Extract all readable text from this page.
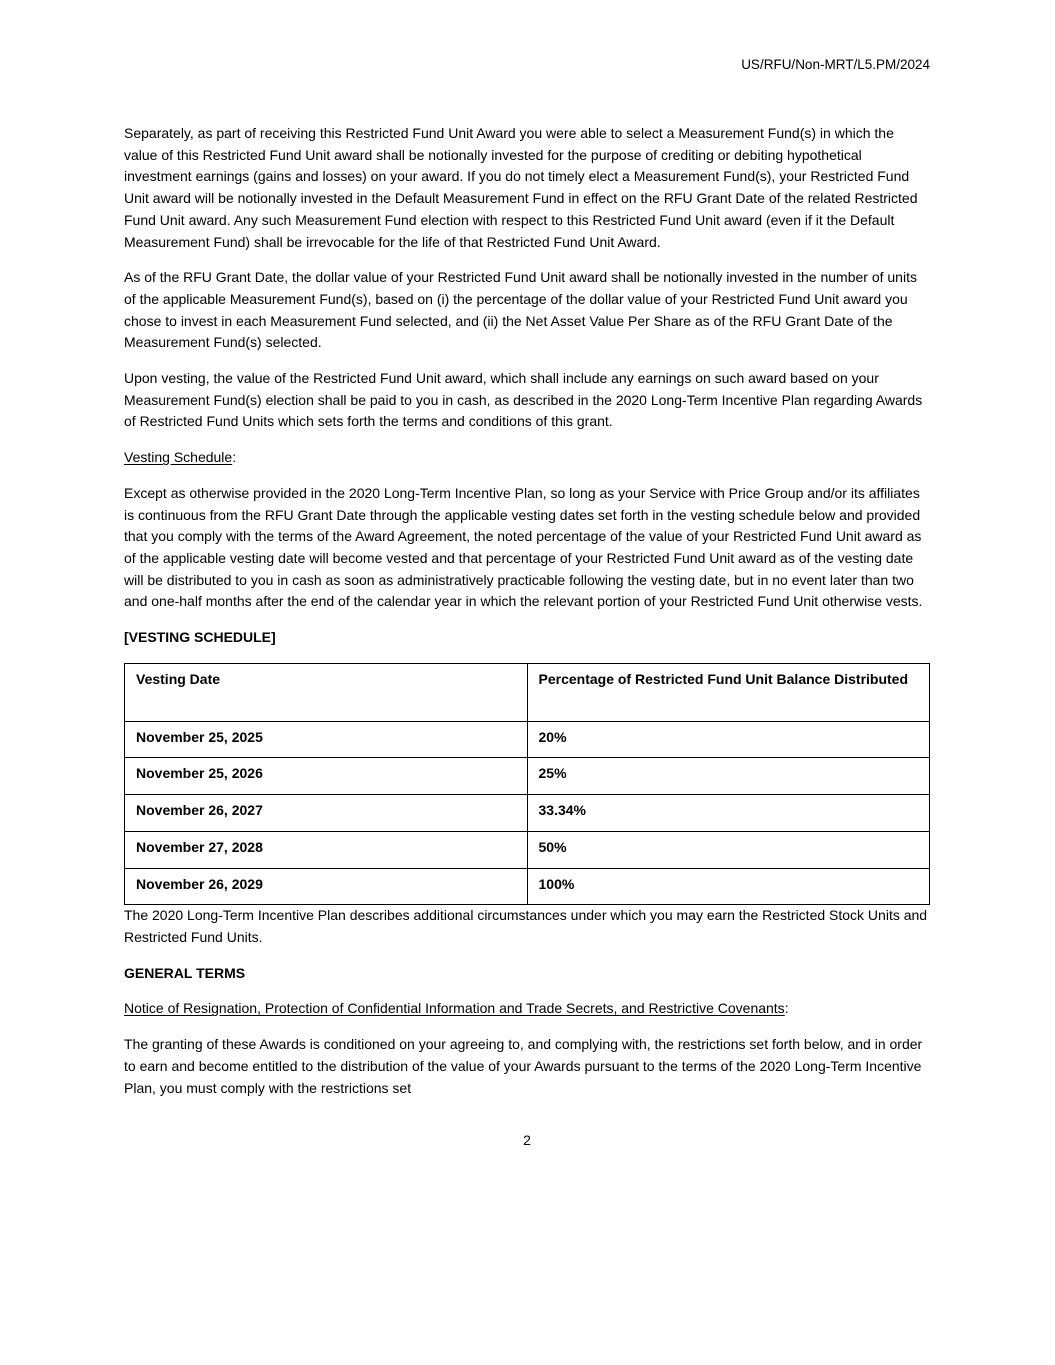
US/RFU/Non-MRT/L5.PM/2024

Separately, as part of receiving this Restricted Fund Unit Award you were able to select a Measurement Fund(s) in which the value of this Restricted Fund Unit award shall be notionally invested for the purpose of crediting or debiting hypothetical investment earnings (gains and losses) on your award. If you do not timely elect a Measurement Fund(s), your Restricted Fund Unit award will be notionally invested in the Default Measurement Fund in effect on the RFU Grant Date of the related Restricted Fund Unit award. Any such Measurement Fund election with respect to this Restricted Fund Unit award (even if it the Default Measurement Fund) shall be irrevocable for the life of that Restricted Fund Unit Award.

As of the RFU Grant Date, the dollar value of your Restricted Fund Unit award shall be notionally invested in the number of units of the applicable Measurement Fund(s), based on (i) the percentage of the dollar value of your Restricted Fund Unit award you chose to invest in each Measurement Fund selected, and (ii) the Net Asset Value Per Share as of the RFU Grant Date of the Measurement Fund(s) selected.

Upon vesting, the value of the Restricted Fund Unit award, which shall include any earnings on such award based on your Measurement Fund(s) election shall be paid to you in cash, as described in the 2020 Long-Term Incentive Plan regarding Awards of Restricted Fund Units which sets forth the terms and conditions of this grant.

Vesting Schedule:

Except as otherwise provided in the 2020 Long-Term Incentive Plan, so long as your Service with Price Group and/or its affiliates is continuous from the RFU Grant Date through the applicable vesting dates set forth in the vesting schedule below and provided that you comply with the terms of the Award Agreement, the noted percentage of the value of your Restricted Fund Unit award as of the applicable vesting date will become vested and that percentage of your Restricted Fund Unit award as of the vesting date will be distributed to you in cash as soon as administratively practicable following the vesting date, but in no event later than two and one-half months after the end of the calendar year in which the relevant portion of your Restricted Fund Unit otherwise vests.

[VESTING SCHEDULE]

Vesting Date	Percentage of Restricted Fund Unit Balance Distributed
November 25, 2025	20%
November 25, 2026	25%
November 26, 2027	33.34%
November 27, 2028	50%
November 26, 2029	100%

The 2020 Long-Term Incentive Plan describes additional circumstances under which you may earn the Restricted Stock Units and Restricted Fund Units.

GENERAL TERMS

Notice of Resignation, Protection of Confidential Information and Trade Secrets, and Restrictive Covenants:

The granting of these Awards is conditioned on your agreeing to, and complying with, the restrictions set forth below, and in order to earn and become entitled to the distribution of the value of your Awards pursuant to the terms of the 2020 Long-Term Incentive Plan, you must comply with the restrictions set

2
